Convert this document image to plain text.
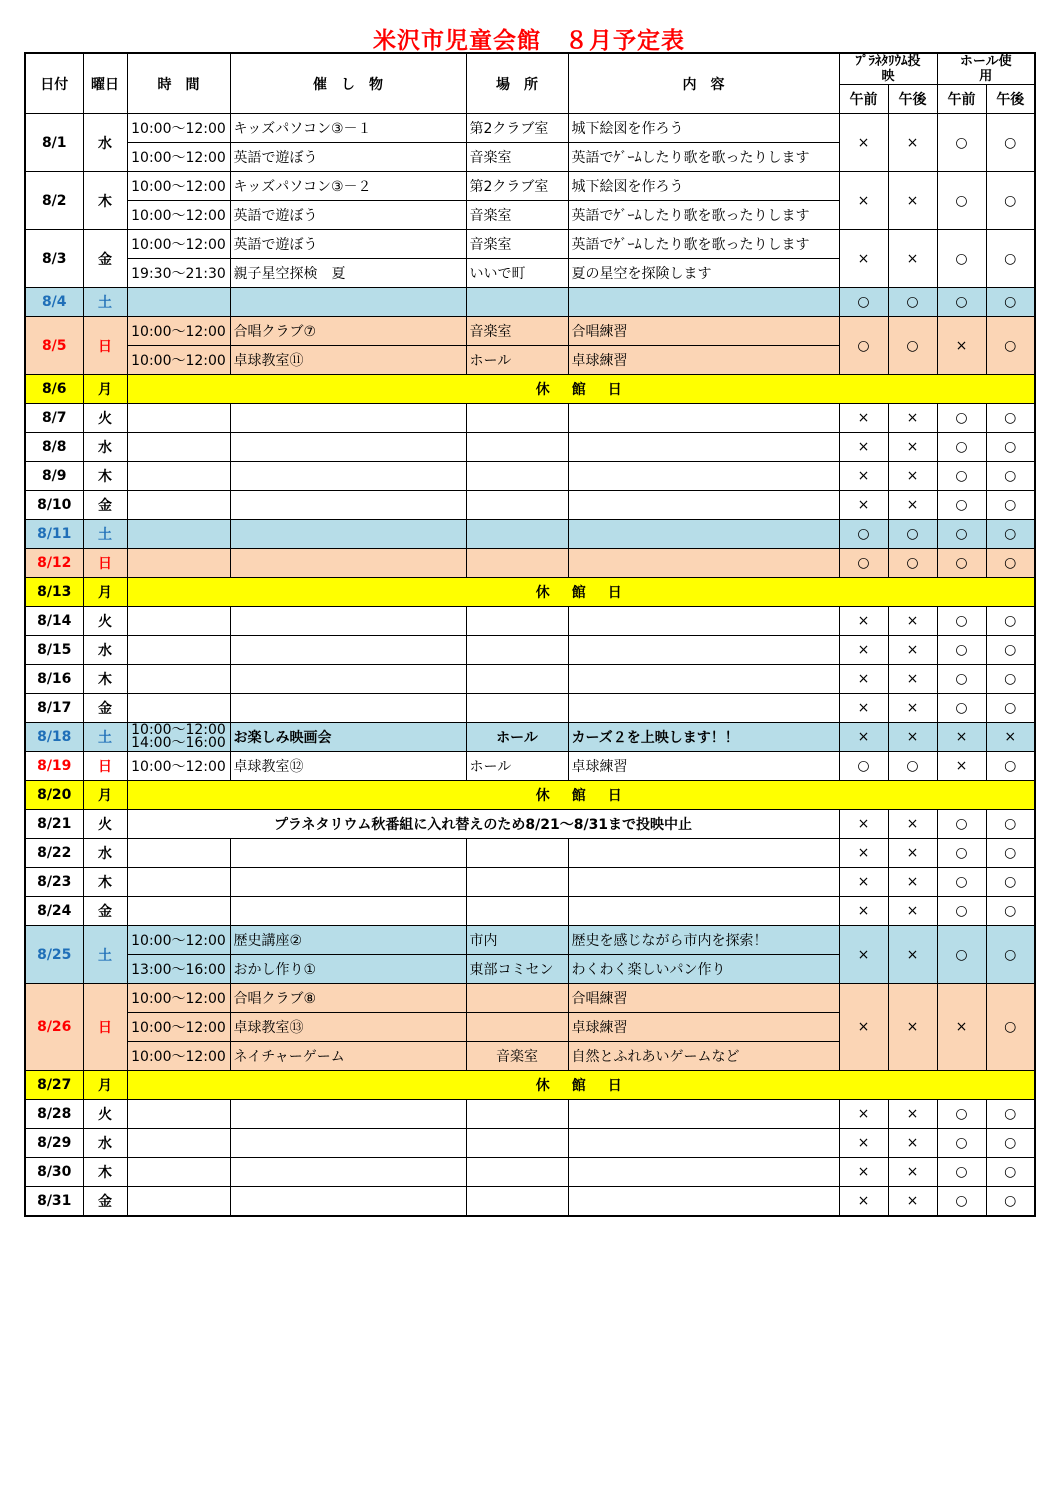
米沢市児童会館　８月予定表
日付	曜日	時　間	催　し　物	場　所	内　容	ﾌﾟﾗﾈﾀﾘｳﾑ投映		ホール使用	
						午前	午後	午前	午後
8/1	水	10:00～12:00	キッズパソコン③－１	第2クラブ室	城下絵図を作ろう	×	×	○	○
		10:00～12:00	英語で遊ぼう	音楽室	英語でｹﾞｰﾑしたり歌を歌ったりします				
8/2	木	10:00～12:00	キッズパソコン③－２	第2クラブ室	城下絵図を作ろう	×	×	○	○
		10:00～12:00	英語で遊ぼう	音楽室	英語でｹﾞｰﾑしたり歌を歌ったりします				
8/3	金	10:00～12:00	英語で遊ぼう	音楽室	英語でｹﾞｰﾑしたり歌を歌ったりします	×	×	○	○
		19:30～21:30	親子星空探検　夏	いいで町	夏の星空を探険します				
8/4	土					○	○	○	○
8/5	日	10:00～12:00	合唱クラブ⑦	音楽室	合唱練習	○	○	×	○
		10:00～12:00	卓球教室⑪	ホール	卓球練習				
8/6	月	休　館　日							
8/7	火					×	×	○	○
8/8	水					×	×	○	○
8/9	木					×	×	○	○
8/10	金					×	×	○	○
8/11	土					○	○	○	○
8/12	日					○	○	○	○
8/13	月	休　館　日							
8/14	火					×	×	○	○
8/15	水					×	×	○	○
8/16	木					×	×	○	○
8/17	金					×	×	○	○
8/18	土	10:00～12:00
14:00～16:00	お楽しみ映画会	ホール	カーズ２を上映します！！	×	×	×	×
8/19	日	10:00～12:00	卓球教室⑫	ホール	卓球練習	○	○	×	○
8/20	月	休　館　日							
8/21	火	プラネタリウム秋番組に入れ替えのため8/21～8/31まで投映中止				×	×	○	○
8/22	水					×	×	○	○
8/23	木					×	×	○	○
8/24	金					×	×	○	○
8/25	土	10:00～12:00	歴史講座②	市内	歴史を感じながら市内を探索！	×	×	○	○
		13:00～16:00	おかし作り①	東部コミセン	わくわく楽しいパン作り				
8/26	日	10:00～12:00	合唱クラブ⑧		合唱練習	×	×	×	○
		10:00～12:00	卓球教室⑬		卓球練習				
		10:00～12:00	ネイチャーゲーム	音楽室	自然とふれあいゲームなど				
8/27	月	休　館　日							
8/28	火					×	×	○	○
8/29	水					×	×	○	○
8/30	木					×	×	○	○
8/31	金					×	×	○	○
